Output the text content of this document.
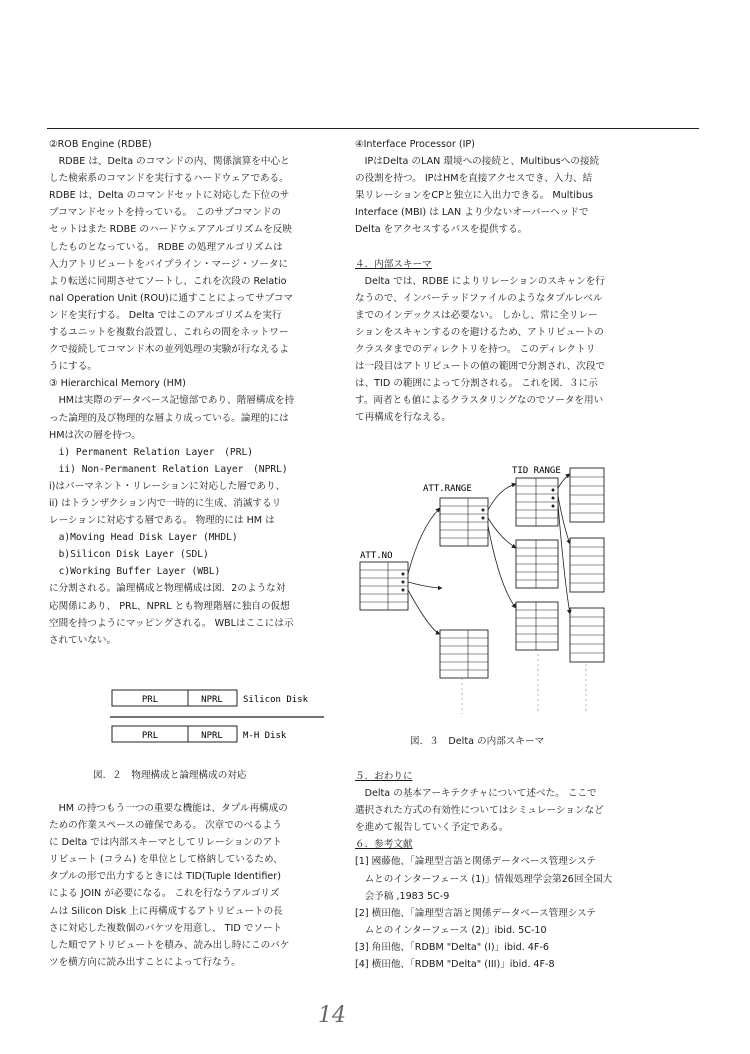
②ROB Engine (RDBE)

　RDBE は、Delta のコマンドの内、関係演算を中心と

した検索系のコマンドを実行するハードウェアである。

RDBE は、Delta のコマンドセットに対応した下位のサ

ブコマンドセットを持っている。 このサブコマンドの

セットはまた RDBE のハードウェアアルゴリズムを反映

したものとなっている。 RDBE の処理アルゴリズムは

入力アトリビュートをパイプライン・マージ・ソータに

より転送に同期させてソートし、これを次段の Relatio

nal Operation Unit (ROU)に通すことによってサブコマ

ンドを実行する。 Delta ではこのアルゴリズムを実行

するユニットを複数台設置し、これらの間をネットワー

クで接続してコマンド木の並列処理の実験が行なえるよ

うにする。

③ Hierarchical Memory (HM)

　HMは実際のデータベース記憶部であり、階層構成を持

った論理的及び物理的な層より成っている。論理的には

HMは次の層を持つ。

　i) Permanent Relation Layer　(PRL)

　ii) Non-Permanent Relation Layer　(NPRL)

i)はパーマネント・リレーションに対応した層であり、

ii) はトランザクション内で一時的に生成、消滅するリ

レーションに対応する層である。 物理的には HM は

　a)Moving Head Disk Layer (MHDL)

　b)Silicon Disk Layer (SDL)

　c)Working Buffer Layer (WBL)

に分割される。論理構成と物理構成は図．2のような対

応関係にあり、 PRL、NPRL とも物理階層に独自の仮想

空間を持つようにマッピングされる。 WBLはここには示

されていない。

PRL	NPRL Silicon Disk
PRL	NPRL M-H Disk
図．２　物理構成と論理構成の対応

　HM の持つもう一つの重要な機能は、タプル再構成の

ための作業スペースの確保である。 次章でのべるよう

に Delta では内部スキーマとしてリレーションのアト

リビュート (コラム) を単位として格納しているため、

タプルの形で出力するときには TID(Tuple Identifier)

による JOIN が必要になる。 これを行なうアルゴリズ

ムは Silicon Disk 上に再構成するアトリビュートの長

さに対応した複数個のバケツを用意し、 TID でソート

した順でアトリビュートを積み、読み出し時にこのバケ

ツを横方向に読み出すことによって行なう。

④Interface Processor (IP)

　IPはDelta のLAN 環境への接続と、Multibusへの接続

の役割を持つ。 IPはHMを直接アクセスでき、入力、結

果リレーションをCPと独立に入出力できる。 Multibus

Interface (MBI) は LAN より少ないオーバーヘッドで

Delta をアクセスするパスを提供する。

４．内部スキーマ

　Delta では、RDBE によりリレーションのスキャンを行

なうので、インバーテッドファイルのようなタプルレベル

までのインデックスは必要ない。 しかし、常に全リレー

ションをスキャンするのを避けるため、アトリビュートの

クラスタまでのディレクトリを持つ。 このディレクトリ

は一段目はアトリビュートの値の範囲で分割され、次段で

は、TID の範囲によって分割される。 これを図．３に示

す。両者とも値によるクラスタリングなのでソータを用い

て再構成を行なえる。

TID RANGE
ATT.RANGE
ATT.NO
図．３　Delta の内部スキーマ

５．おわりに

　Delta の基本アーキテクチャについて述べた。 ここで

選択された方式の有効性についてはシミュレーションなど

を進めて報告していく予定である。

６．参考文献

[1] 國藤他、「論理型言語と関係データベース管理システ

　ムとのインターフェース (1)」情報処理学会第26回全国大

　会予稿 ,1983 5C-9

[2] 横田他、「論理型言語と関係データベース管理システ

　ムとのインターフェース (2)」ibid. 5C-10

[3] 角田他、「RDBM "Delta" (I)」ibid. 4F-6

[4] 横田他、「RDBM "Delta" (III)」ibid. 4F-8

14
